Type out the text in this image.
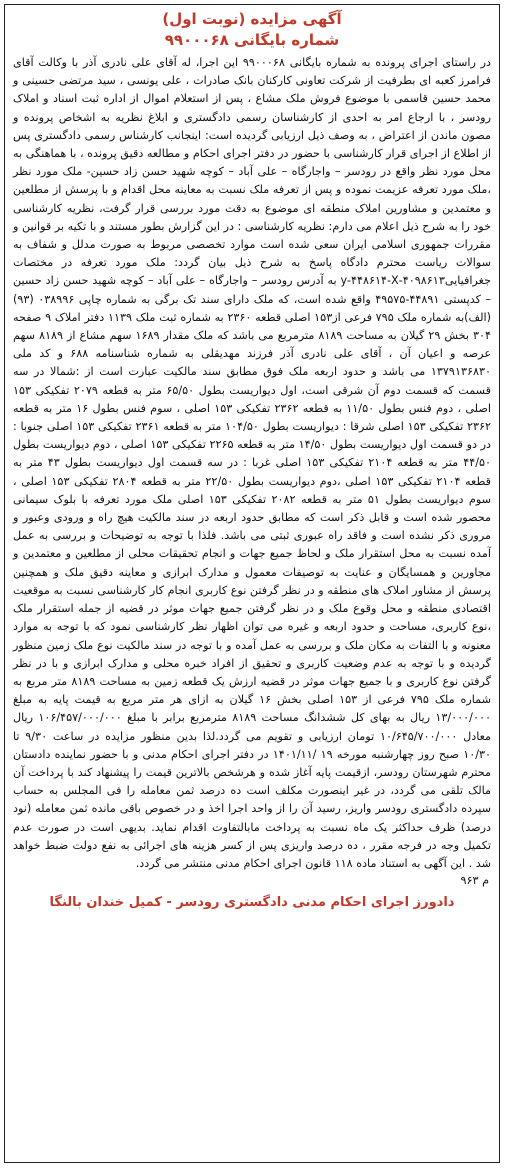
آگهی مزایده (نوبت اول)
شماره بایگانی ۹۹۰۰۰۶۸

در راستای اجرای پرونده به شماره بایگانی ۹۹۰۰۰۶۸ این اجرا، له آقای علی نادری آذر با وکالت آقای فرامرز کعبه ای بطرفیت از شرکت تعاونی کارکنان بانک صادرات ، علی یونسی ، سید مرتضی حسینی و محمد حسین قاسمی با موضوع فروش ملک مشاع ، پس از استعلام اموال از اداره ثبت اسناد و املاک رودسر ، با ارجاع امر به احدی از کارشناسان رسمی دادگستری و ابلاغ نظریه به اشخاص پرونده و مصون ماندن از اعتراض ، به وصف ذیل ارزیابی گردیده است: اینجانب کارشناس رسمی دادگستری پس از اطلاع از اجرای قرار کارشناسی با حضور در دفتر اجرای احکام و مطالعه دقیق پرونده ، با هماهنگی به محل مورد نظر واقع در رودسر – واجارگاه – علی آباد – کوچه شهید حسن زاد حسین- ملک مورد نظر ،ملک مورد تعرفه عزیمت نموده و پس از تعرفه ملک نسبت به معاینه محل اقدام و با پرسش از مطلعین و معتمدین و مشاورین املاک منطقه ای موضوع به دقت مورد بررسی قرار گرفت، نظریه کارشناسی خود را به شرح ذیل اعلام می دارم: نظریه کارشناسی : در این گزارش بطور مستند و با تکیه بر قوانین و مقررات جمهوری اسلامی ایران سعی شده است موارد تخصصی مربوط به صورت مدلل و شفاف به سوالات ریاست محترم دادگاه پاسخ به شرح ذیل بیان گردد: ملک مورد تعرفه در مختصات جغرافیایی۴۰۹۸۶۱۳-y-۴۴۸۶۱۴-X به آدرس رودسر – واجارگاه – علی آباد – کوچه شهید حسن زاد حسین – کدپستی ۴۴۸۹۱-۴۹۵۷۵ واقع شده است، که ملک دارای سند تک برگی به شماره چاپی ۰۳۸۹۹۶ (۹۳)(الف)به شماره ملک ۷۹۵ فرعی از۱۵۳ اصلی قطعه ۲۳۶۰ به شماره ثبت ملک ۱۱۳۹ دفتر املاک ۹ صفحه ۳۰۴ بخش ۲۹ گیلان به مساحت ۸۱۸۹ مترمربع می باشد که ملک مقدار ۱۶۸۹ سهم مشاع از ۸۱۸۹ سهم عرصه و اعیان آن ، آقای علی نادری آذر فرزند مهدیقلی به شماره شناسنامه ۶۸۸ و کد ملی ۱۳۷۹۱۳۶۸۳۰ می باشد و حدود اربعه ملک فوق مطابق سند مالکیت عبارت است از :شمالا در سه قسمت که قسمت دوم آن شرقی است، اول دیواریست بطول ۶۵/۵۰ متر به قطعه ۲۰۷۹ تفکیکی ۱۵۳ اصلی ، دوم فنس بطول ۱۱/۵۰ به قطعه ۲۳۶۲ تفکیکی ۱۵۳ اصلی ، سوم فنس بطول ۱۶ متر به قطعه ۲۳۶۲ تفکیکی ۱۵۳ اصلی شرقا : دیواریست بطول ۱۰۴/۵۰ متر به قطعه ۲۳۶۱ تفکیکی ۱۵۳ اصلی جنوبا : در دو قسمت اول دیواریست بطول ۱۴/۵۰ متر به قطعه ۲۲۶۵ تفکیکی ۱۵۳ اصلی ، دوم دیواریست بطول ۴۴/۵۰ متر به قطعه ۲۱۰۴ تفکیکی ۱۵۳ اصلی غربا : در سه قسمت اول دیواریست بطول ۴۳ متر به قطعه ۲۱۰۴ تفکیکی ۱۵۳ اصلی ،دوم دیواریست بطول ۲۲/۵۰ متر به قطعه ۲۸۰۴ تفکیکی ۱۵۳ اصلی ، سوم دیواریست بطول ۵۱ متر به قطعه ۲۰۸۲ تفکیکی ۱۵۳ اصلی ملک مورد تعرفه با بلوک سیمانی محصور شده است و قابل ذکر است که مطابق حدود اربعه در سند مالکیت هیچ راه و ورودی وعبور و مروری ذکر نشده است و فاقد راه عبوری ثبتی می باشد. فلذا با توجه به توضیحات و بررسی به عمل آمده نسبت به محل استقرار ملک و لحاظ جمیع جهات و انجام تحقیقات محلی از مطلعین و معتمدین و مجاورین و همسایگان و عنایت به توصیفات معمول و مدارک ابرازی و معاینه دقیق ملک و همچنین پرسش از مشاور املاک های منطقه و در نظر گرفتن نوع کاربری انجام کار کارشناسی نسبت به موقعیت اقتصادی منطقه و محل وقوع ملک و در نظر گرفتن جمیع جهات موثر در قضیه از جمله استقرار ملک ،نوع کاربری، مساحت و حدود اربعه و غیره می توان اظهار نظر کارشناسی نمود که با توجه به موارد معنونه و با التفات به مکان ملک و بررسی به عمل آمده و با توجه در سند مالکیت نوع ملک زمین منظور گردیده و با توجه به عدم وضعیت کاربری و تحقیق از افراد خبره محلی و مدارک ابرازی و با در نظر گرفتن نوع کاربری و با جمیع جهات موثر در قضیه ارزش یک قطعه زمین به مساحت ۸۱۸۹ متر مربع به شماره ملک ۷۹۵ فرعی از ۱۵۳ اصلی بخش ۱۶ گیلان به ازای هر متر مربع به قیمت پایه به مبلغ ۱۳/۰۰۰/۰۰۰ ریال به بهای کل ششدانگ مساحت ۸۱۸۹ مترمربع برابر با مبلغ ۱۰۶/۴۵۷/۰۰۰/۰۰۰ ریال معادل ۱۰/۶۴۵/۷۰۰/۰۰۰ تومان ارزیابی و تقویم می گردد.لذا بدین منظور مزایده در ساعت ۹/۳۰ تا ۱۰/۳۰ صبح روز چهارشنبه مورخه ۱۹ /۱۴۰۱/۱۱ در دفتر اجرای احکام مدنی و با حضور نماینده دادستان محترم شهرستان رودسر، ازقیمت پایه آغاز شده و هرشخص بالاترین قیمت را پیشنهاد کند با پرداخت آن مالک تلقی می گردد، در غیر اینصورت مکلف است ده درصد ثمن معامله را فی المجلس به حساب سپرده دادگستری رودسر واریز، رسید آن را از واحد اجرا اخذ و در خصوص باقی مانده ثمن معامله (نود درصد) ظرف حداکثر یک ماه نسبت به پرداخت مابالتفاوت اقدام نماید. بدیهی است در صورت عدم تکمیل وجه در فرجه مقرر ، ده درصد واریزی پس از کسر هزینه های اجرائی به نفع دولت ضبط خواهد شد . این آگهی به استناد ماده ۱۱۸ قانون اجرای احکام مدنی منتشر می گردد.

م ۹۶۳
دادورز اجرای احکام مدنی دادگستری رودسر - کمیل خندان بالنگا
